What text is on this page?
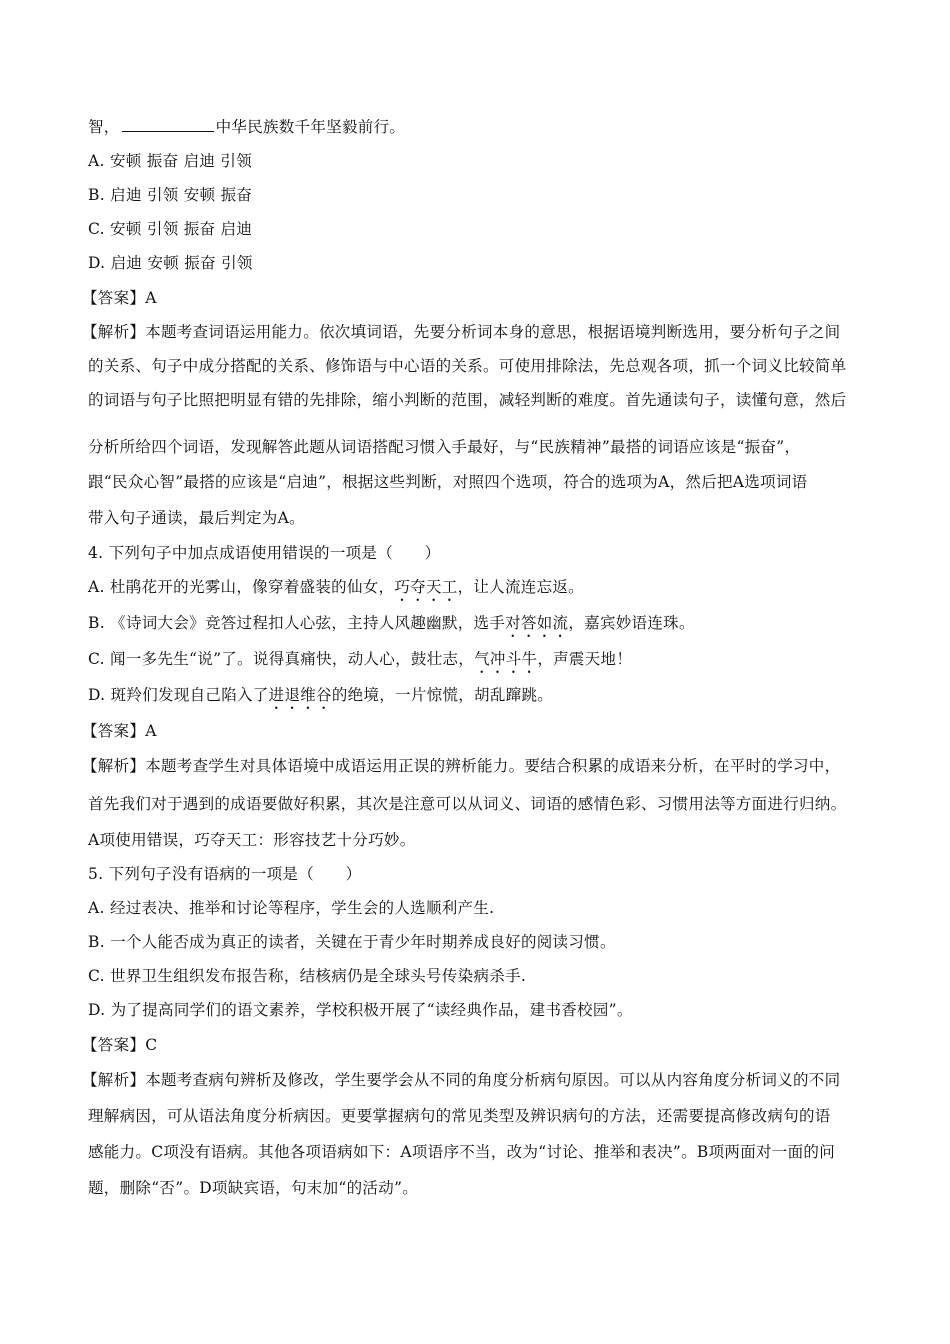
智，	中华民族数千年坚毅前行。
A. 安顿 振奋 启迪 引领
B. 启迪 引领 安顿 振奋
C. 安顿 引领 振奋 启迪
D. 启迪 安顿 振奋 引领
【答案】A
【解析】本题考查词语运用能力。依次填词语，先要分析词本身的意思，根据语境判断选用，要分析句子之间
的关系、句子中成分搭配的关系、修饰语与中心语的关系。可使用排除法，先总观各项，抓一个词义比较简单
的词语与句子比照把明显有错的先排除，缩小判断的范围，减轻判断的难度。首先通读句子，读懂句意，然后
分析所给四个词语，发现解答此题从词语搭配习惯入手最好，与“民族精神”最搭的词语应该是“振奋”，
跟“民众心智”最搭的应该是“启迪”，根据这些判断，对照四个选项，符合的选项为A，然后把A选项词语
带入句子通读，最后判定为A。
4. 下列句子中加点成语使用错误的一项是（　　）
A. 杜鹃花开的光雾山，像穿着盛装的仙女，巧夺天工，让人流连忘返。
B. 《诗词大会》竞答过程扣人心弦，主持人风趣幽默，选手对答如流，嘉宾妙语连珠。
C. 闻一多先生“说”了。说得真痛快，动人心，鼓壮志，气冲斗牛，声震天地！
D. 斑羚们发现自己陷入了进退维谷的绝境，一片惊慌，胡乱蹿跳。
【答案】A
【解析】本题考查学生对具体语境中成语运用正误的辨析能力。要结合积累的成语来分析，在平时的学习中，
首先我们对于遇到的成语要做好积累，其次是注意可以从词义、词语的感情色彩、习惯用法等方面进行归纳。
A项使用错误，巧夺天工：形容技艺十分巧妙。
5. 下列句子没有语病的一项是（　　）
A. 经过表决、推举和讨论等程序，学生会的人选顺利产生.
B. 一个人能否成为真正的读者，关键在于青少年时期养成良好的阅读习惯。
C. 世界卫生组织发布报告称，结核病仍是全球头号传染病杀手.
D. 为了提高同学们的语文素养，学校积极开展了“读经典作品，建书香校园”。
【答案】C
【解析】本题考查病句辨析及修改，学生要学会从不同的角度分析病句原因。可以从内容角度分析词义的不同
理解病因，可从语法角度分析病因。更要掌握病句的常见类型及辨识病句的方法，还需要提高修改病句的语
感能力。C项没有语病。其他各项语病如下：A项语序不当，改为“讨论、推举和表决”。B项两面对一面的问
题，删除“否”。D项缺宾语，句末加“的活动”。
